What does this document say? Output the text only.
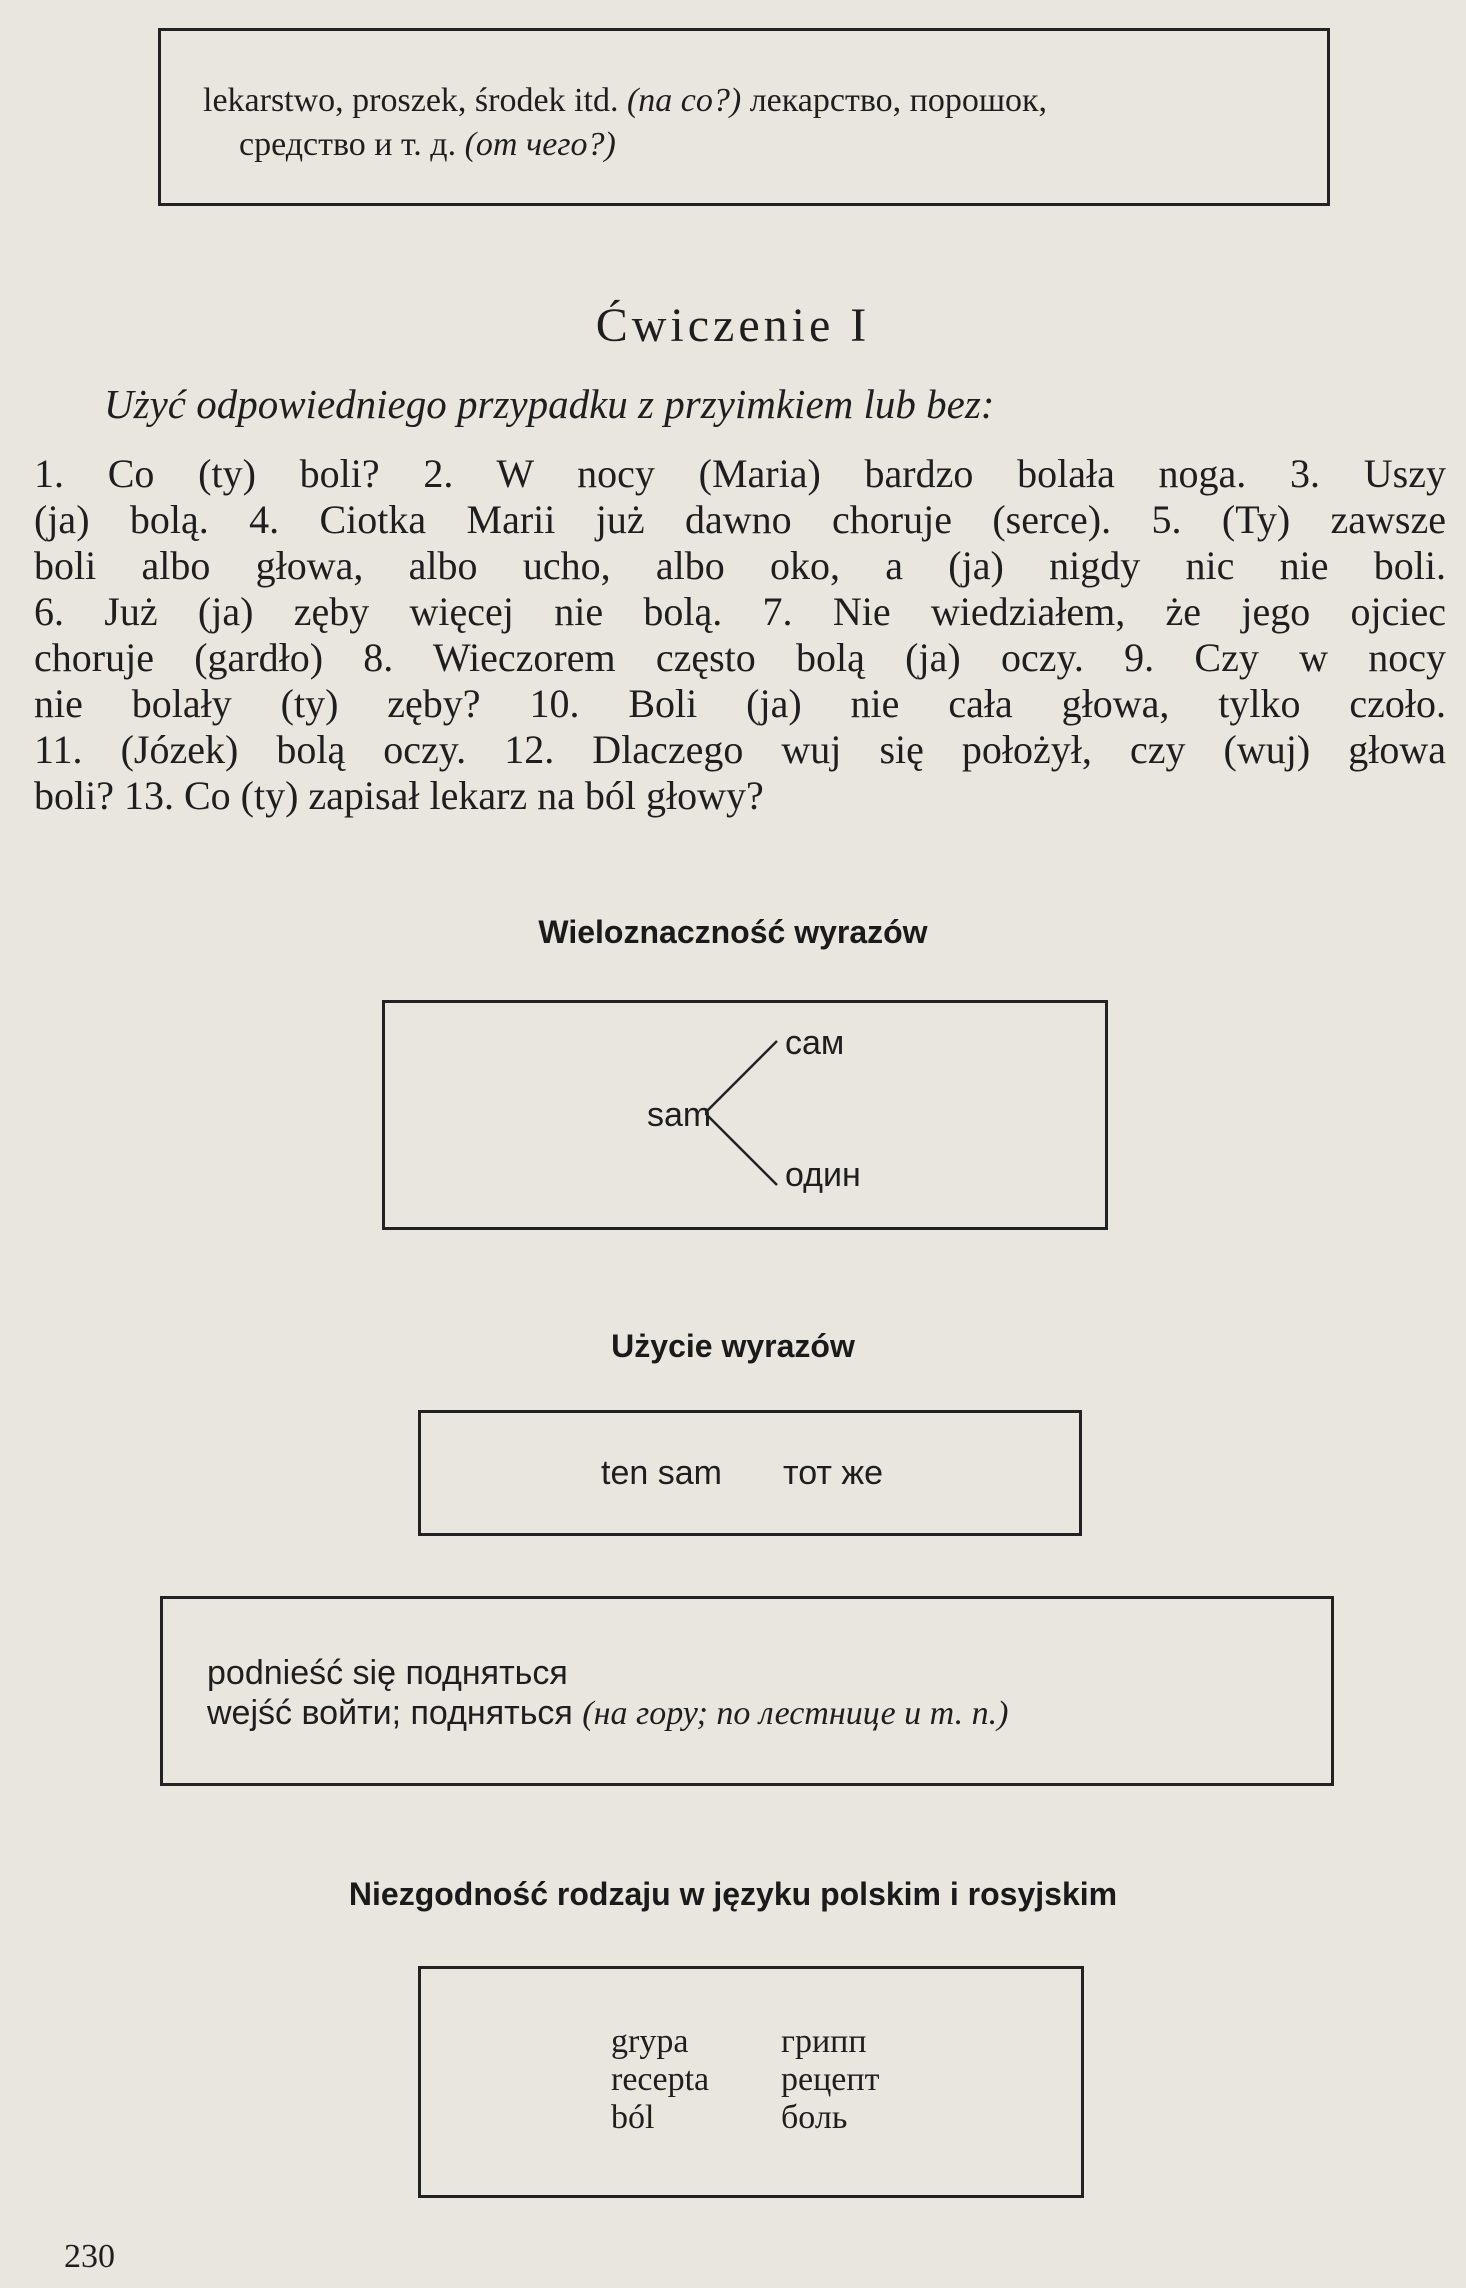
lekarstwo, proszek, środek itd. (na co?) лекарство, порошок,
средство и т. д. (от чего?)
Ćwiczenie I
Użyć odpowiedniego przypadku z przyimkiem lub bez:
1. Co (ty) boli? 2. W nocy (Maria) bardzo bolała noga. 3. Uszy
(ja) bolą. 4. Ciotka Marii już dawno choruje (serce). 5. (Ty) zawsze
boli albo głowa, albo ucho, albo oko, a (ja) nigdy nic nie boli.
6. Już (ja) zęby więcej nie bolą. 7. Nie wiedziałem, że jego ojciec
choruje (gardło) 8. Wieczorem często bolą (ja) oczy. 9. Czy w nocy
nie bolały (ty) zęby? 10. Boli (ja) nie cała głowa, tylko czoło.
11. (Józek) bolą oczy. 12. Dlaczego wuj się położył, czy (wuj) głowa
boli? 13. Co (ty) zapisał lekarz na ból głowy?
Wieloznaczność wyrazów
sam
сам
один
Użycie wyrazów
ten sam тот же
podnieść się подняться
wejść войти; подняться (на гору; по лестнице и т. п.)
Niezgodność rodzaju w języku polskim i rosyjskim
grypa
recepta
ból
грипп
рецепт
боль
230
